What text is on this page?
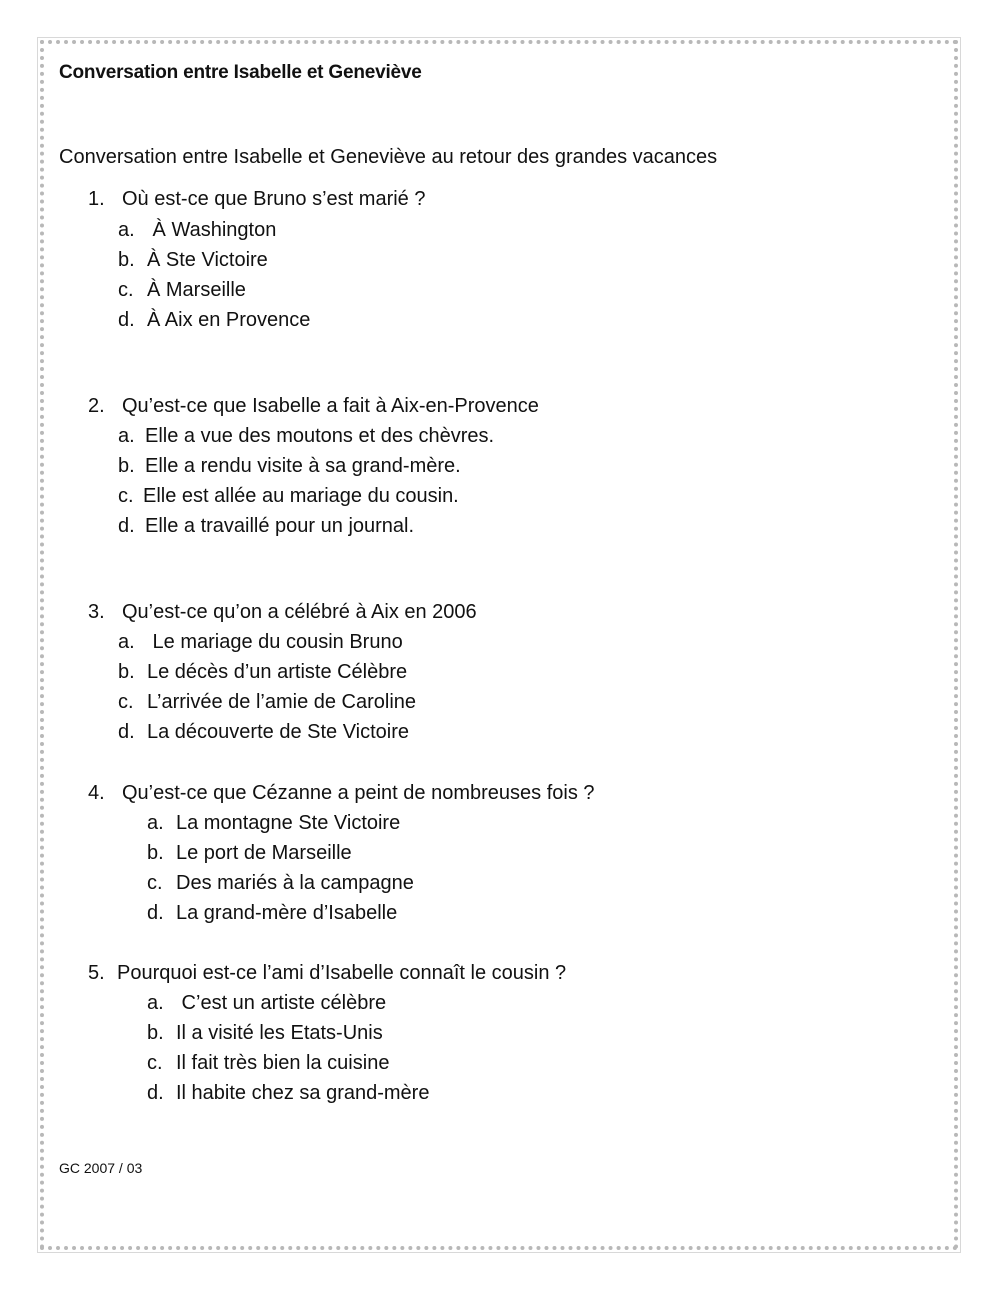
Conversation entre Isabelle et Geneviève
Conversation entre Isabelle et Geneviève au retour des grandes vacances
1. Où est-ce que Bruno s’est marié ?
a. À Washington
b. À Ste Victoire
c. À Marseille
d. À Aix en Provence
2. Qu’est-ce que Isabelle a fait à Aix-en-Provence
a. Elle a vue des moutons et des chèvres.
b. Elle a rendu visite à sa grand-mère.
c. Elle est allée au mariage du cousin.
d. Elle a travaillé pour un journal.
3. Qu’est-ce qu’on a célébré à Aix en 2006
a. Le mariage du cousin Bruno
b. Le décès d’un artiste Célèbre
c. L’arrivée de l’amie de Caroline
d. La découverte de Ste Victoire
4. Qu’est-ce que Cézanne a peint de nombreuses fois ?
a. La montagne Ste Victoire
b. Le port de Marseille
c. Des mariés à la campagne
d. La grand-mère d’Isabelle
5. Pourquoi est-ce l’ami d’Isabelle connaît le cousin ?
a. C’est un artiste célèbre
b. Il a visité les Etats-Unis
c. Il fait très bien la cuisine
d. Il habite chez sa grand-mère
GC 2007 / 03
